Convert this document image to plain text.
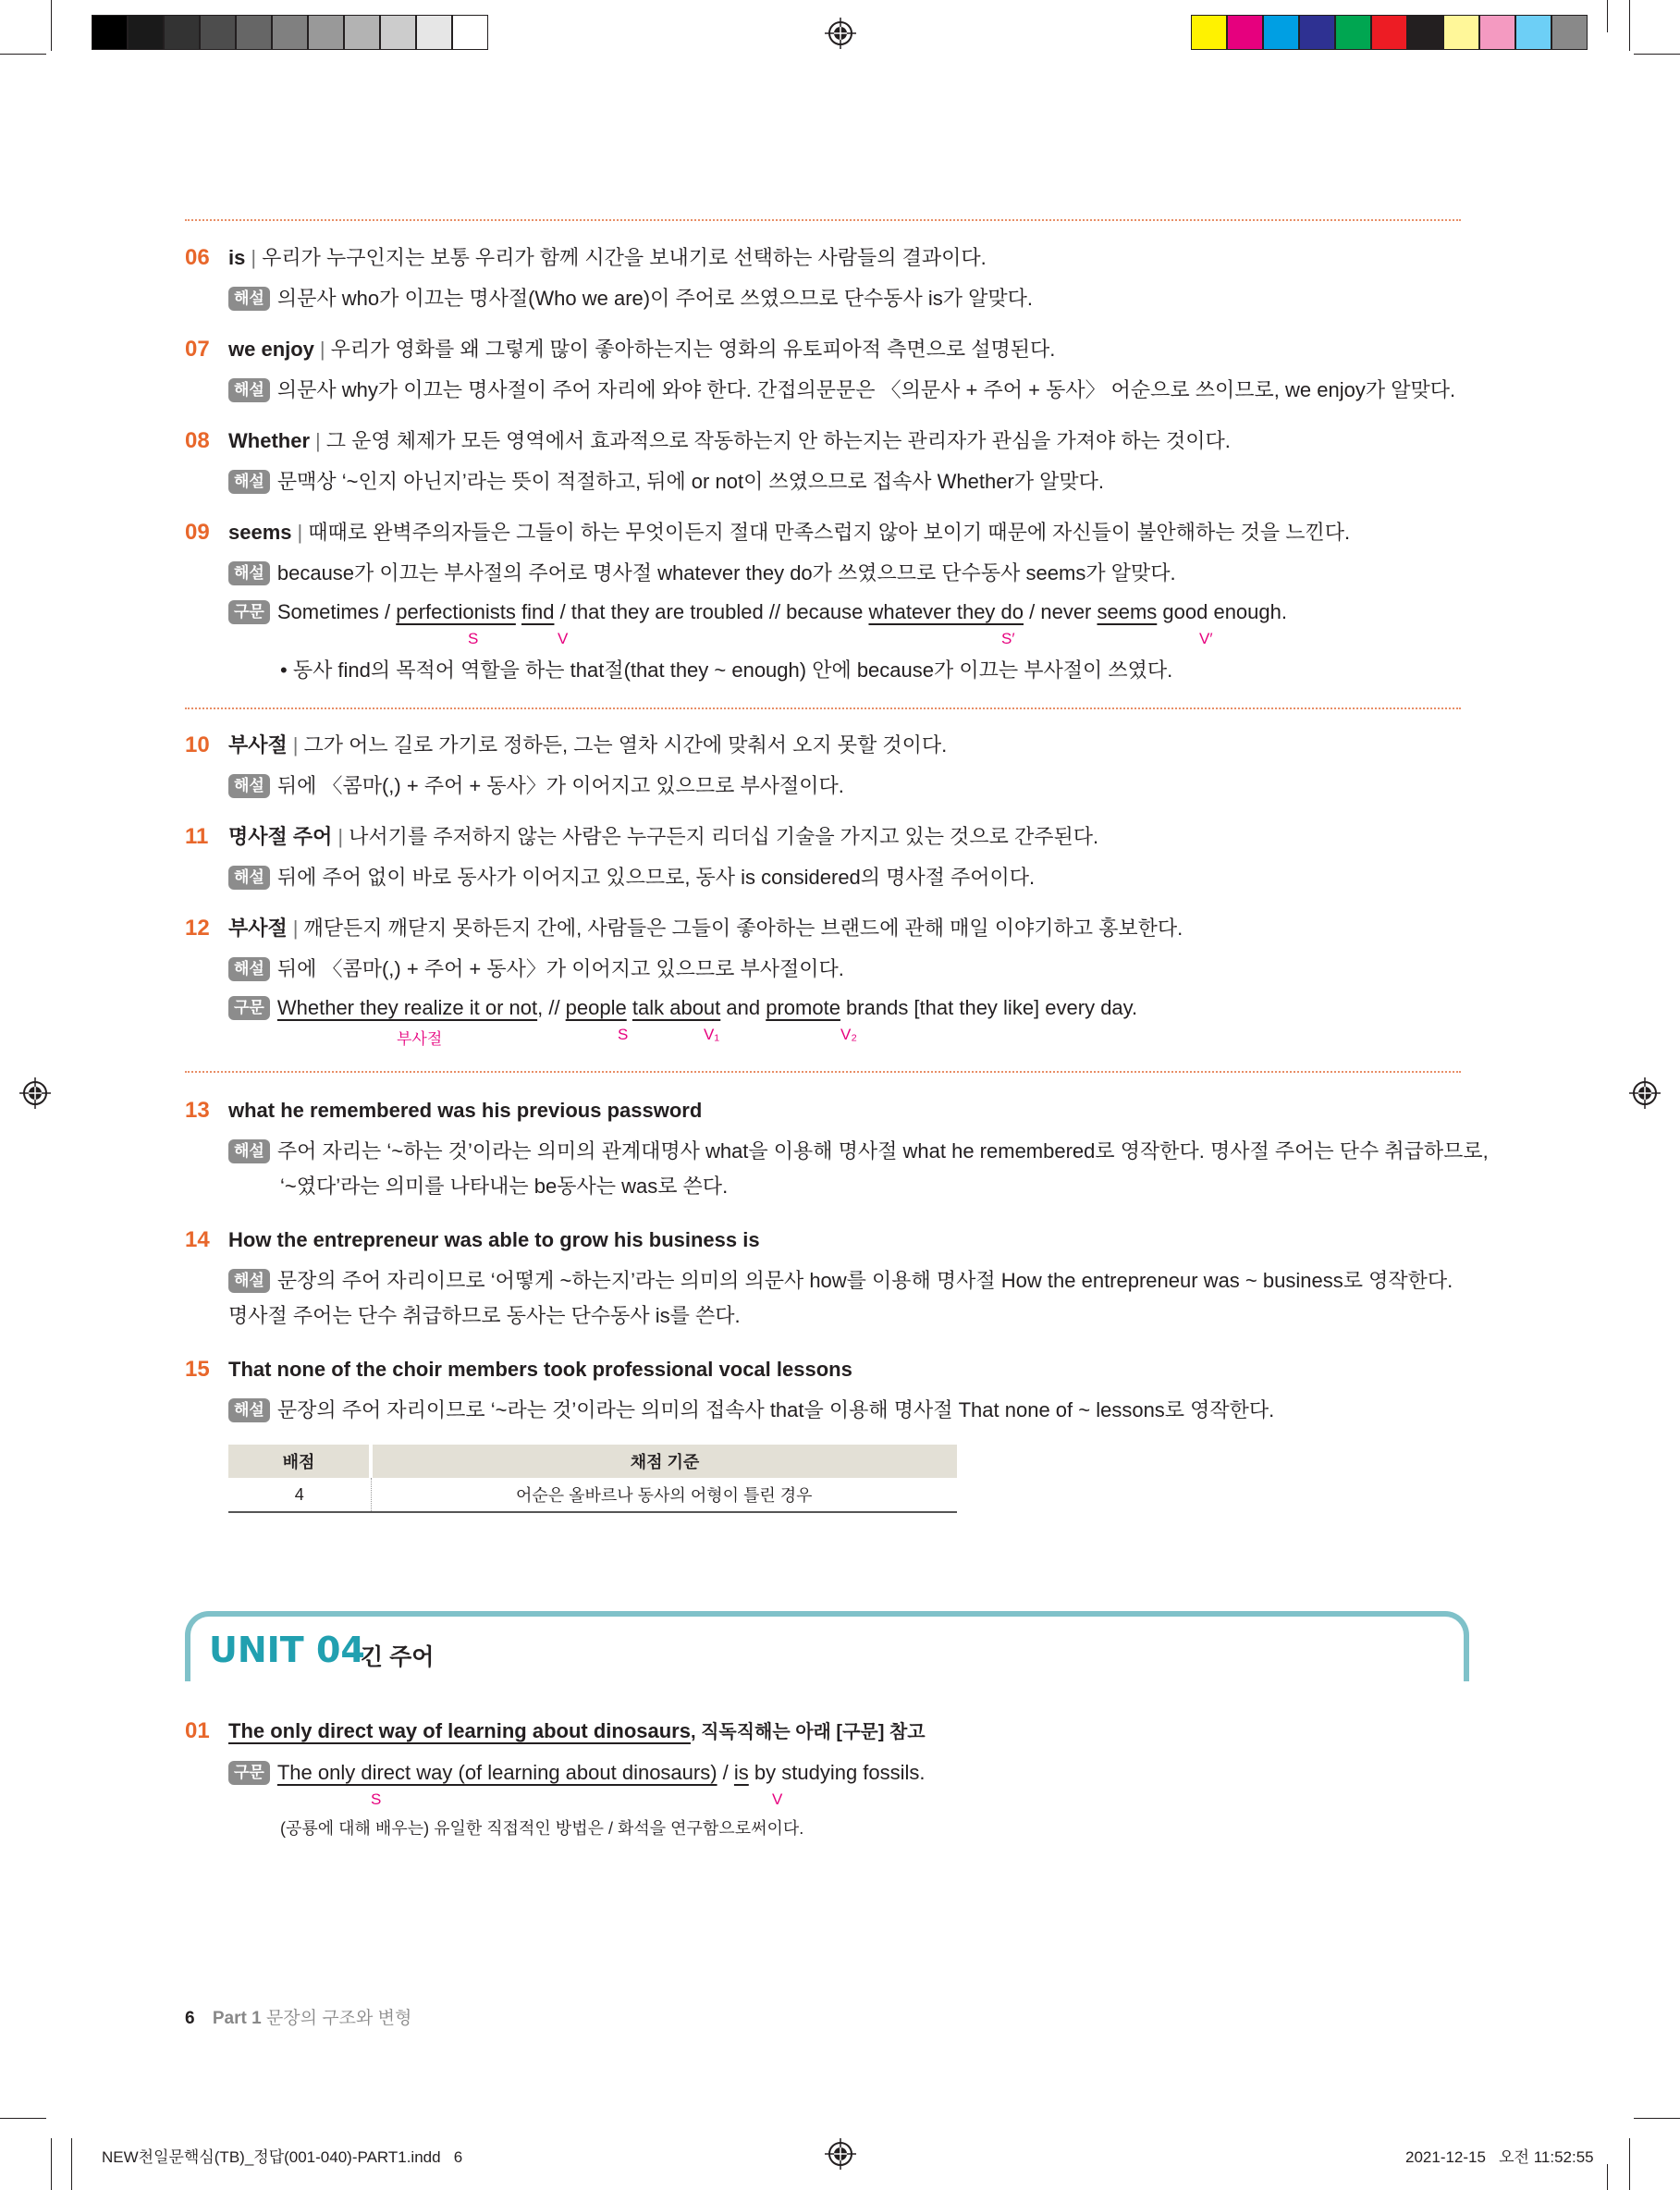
06 is | 우리가 누구인지는 보통 우리가 함께 시간을 보내기로 선택하는 사람들의 결과이다.
해설 의문사 who가 이끄는 명사절(Who we are)이 주어로 쓰였으므로 단수동사 is가 알맞다.
07 we enjoy | 우리가 영화를 왜 그렇게 많이 좋아하는지는 영화의 유토피아적 측면으로 설명된다.
해설 의문사 why가 이끄는 명사절이 주어 자리에 와야 한다. 간접의문문은 〈의문사 + 주어 + 동사〉 어순으로 쓰이므로, we enjoy가 알맞다.
08 Whether | 그 운영 체제가 모든 영역에서 효과적으로 작동하는지 안 하는지는 관리자가 관심을 가져야 하는 것이다.
해설 문맥상 ‘~인지 아닌지’라는 뜻이 적절하고, 뒤에 or not이 쓰였으므로 접속사 Whether가 알맞다.
09 seems | 때때로 완벽주의자들은 그들이 하는 무엇이든지 절대 만족스럽지 않아 보이기 때문에 자신들이 불안해하는 것을 느낀다.
해설 because가 이끄는 부사절의 주어로 명사절 whatever they do가 쓰였으므로 단수동사 seems가 알맞다.
구문 Sometimes / perfectionists find / that they are troubled // because whatever they do / never seems good enough.
S	V	S′	V′
• 동사 find의 목적어 역할을 하는 that절(that they ~ enough) 안에 because가 이끄는 부사절이 쓰였다.
10 부사절 | 그가 어느 길로 가기로 정하든, 그는 열차 시간에 맞춰서 오지 못할 것이다.
해설 뒤에 〈콤마(,) + 주어 + 동사〉가 이어지고 있으므로 부사절이다.
11 명사절 주어 | 나서기를 주저하지 않는 사람은 누구든지 리더십 기술을 가지고 있는 것으로 간주된다.
해설 뒤에 주어 없이 바로 동사가 이어지고 있으므로, 동사 is considered의 명사절 주어이다.
12 부사절 | 깨닫든지 깨닫지 못하든지 간에, 사람들은 그들이 좋아하는 브랜드에 관해 매일 이야기하고 홍보한다.
해설 뒤에 〈콤마(,) + 주어 + 동사〉가 이어지고 있으므로 부사절이다.
구문 Whether they realize it or not, // people talk about and promote brands [that they like] every day.
부사절	S	V₁	V₂
13 what he remembered was his previous password
해설 주어 자리는 ‘~하는 것’이라는 의미의 관계대명사 what을 이용해 명사절 what he remembered로 영작한다. 명사절 주어는 단수 취급하므로,
‘~였다’라는 의미를 나타내는 be동사는 was로 쓴다.
14 How the entrepreneur was able to grow his business is
해설 문장의 주어 자리이므로 ‘어떻게 ~하는지’라는 의미의 의문사 how를 이용해 명사절 How the entrepreneur was ~ business로 영작한다.
명사절 주어는 단수 취급하므로 동사는 단수동사 is를 쓴다.
15 That none of the choir members took professional vocal lessons
해설 문장의 주어 자리이므로 ‘~라는 것’이라는 의미의 접속사 that을 이용해 명사절 That none of ~ lessons로 영작한다.
배점	채점 기준
4	어순은 올바르나 동사의 어형이 틀린 경우
UNIT 04
긴 주어
01 The only direct way of learning about dinosaurs, 직독직해는 아래 [구문] 참고
구문 The only direct way (of learning about dinosaurs) / is by studying fossils.
S	V
(공룡에 대해 배우는) 유일한 직접적인 방법은 / 화석을 연구함으로써이다.
6 Part 1 문장의 구조와 변형
NEW천일문핵심(TB)_정답(001-040)-PART1.indd   6	2021-12-15   오전 11:52:55
